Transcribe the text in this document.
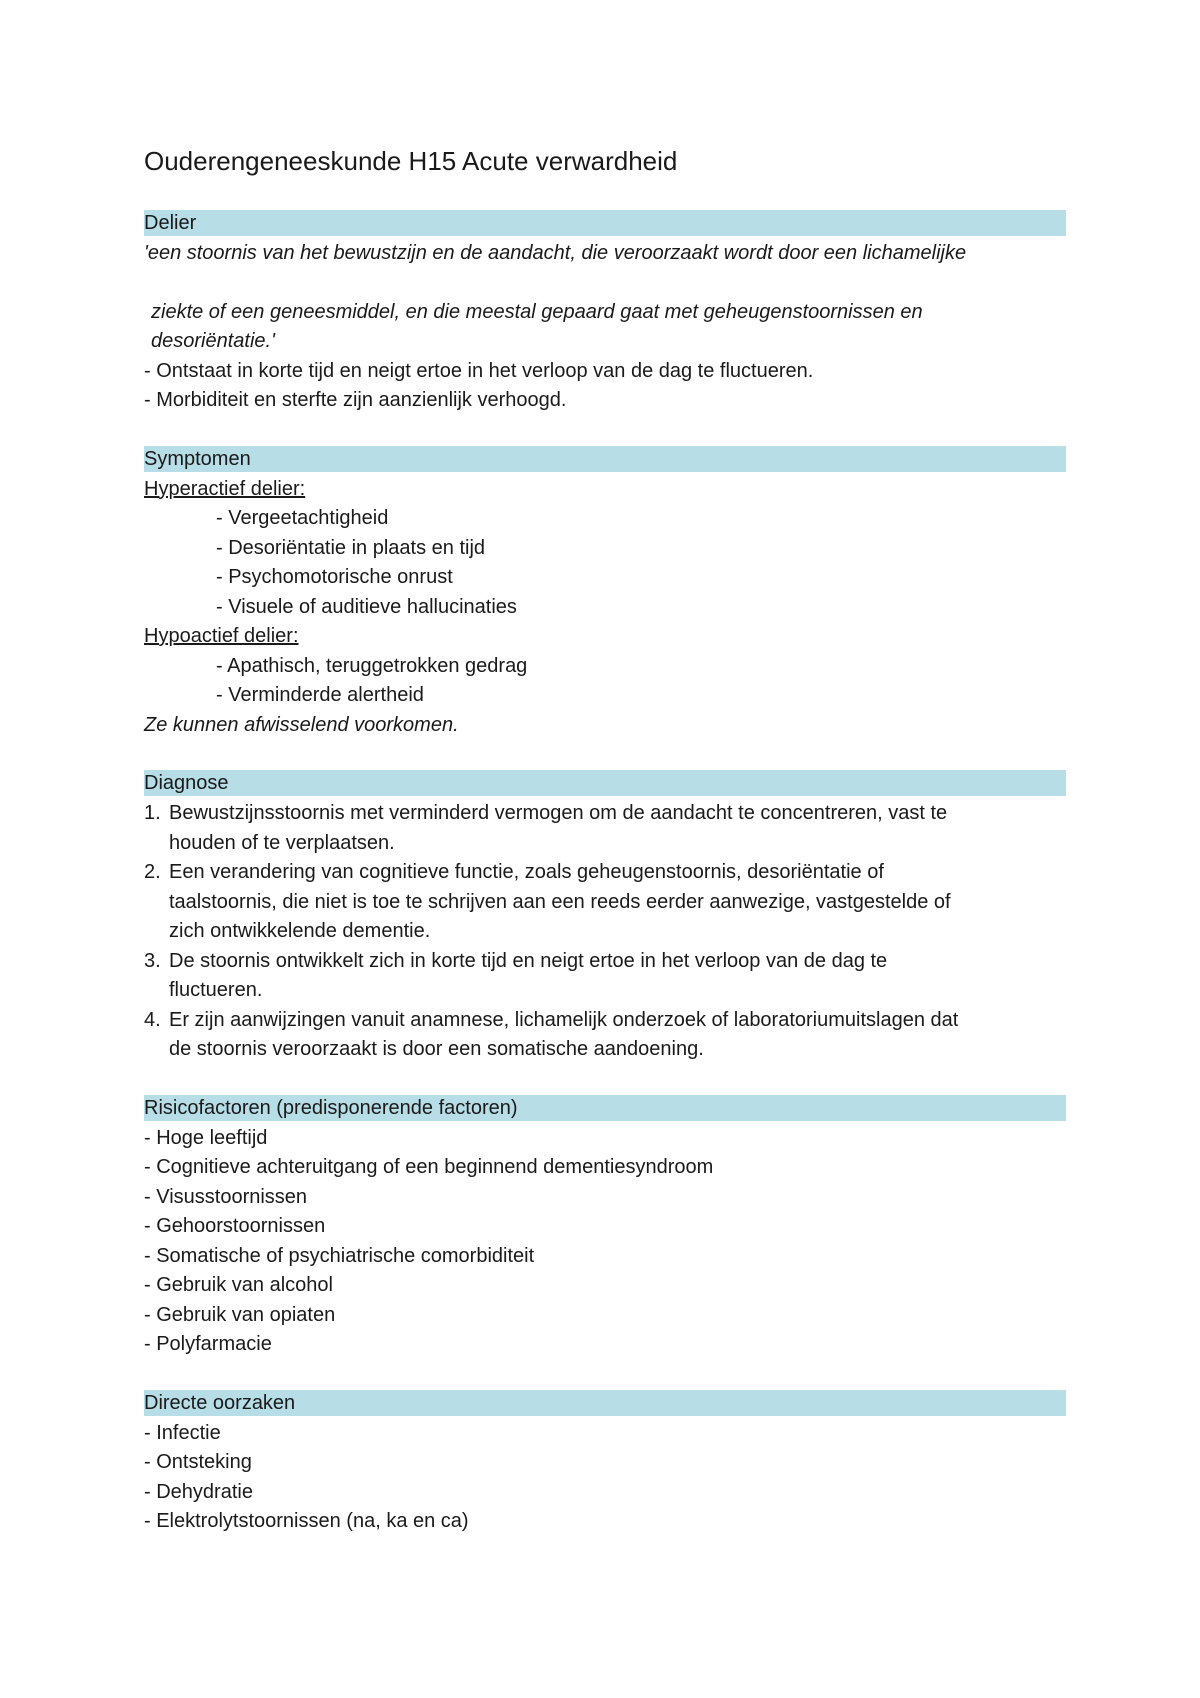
Ouderengeneeskunde H15 Acute verwardheid
Delier
'een stoornis van het bewustzijn en de aandacht, die veroorzaakt wordt door een lichamelijke
ziekte of een geneesmiddel, en die meestal gepaard gaat met geheugenstoornissen en
desoriëntatie.'
- Ontstaat in korte tijd en neigt ertoe in het verloop van de dag te fluctueren.
- Morbiditeit en sterfte zijn aanzienlijk verhoogd.
Symptomen
Hyperactief delier:
- Vergeetachtigheid
- Desoriëntatie in plaats en tijd
- Psychomotorische onrust
- Visuele of auditieve hallucinaties
Hypoactief delier:
- Apathisch, teruggetrokken gedrag
- Verminderde alertheid
Ze kunnen afwisselend voorkomen.
Diagnose
1. Bewustzijnsstoornis met verminderd vermogen om de aandacht te concentreren, vast te
houden of te verplaatsen.
2. Een verandering van cognitieve functie, zoals geheugenstoornis, desoriëntatie of
taalstoornis, die niet is toe te schrijven aan een reeds eerder aanwezige, vastgestelde of
zich ontwikkelende dementie.
3. De stoornis ontwikkelt zich in korte tijd en neigt ertoe in het verloop van de dag te
fluctueren.
4. Er zijn aanwijzingen vanuit anamnese, lichamelijk onderzoek of laboratoriumuitslagen dat
de stoornis veroorzaakt is door een somatische aandoening.
Risicofactoren (predisponerende factoren)
- Hoge leeftijd
- Cognitieve achteruitgang of een beginnend dementiesyndroom
- Visusstoornissen
- Gehoorstoornissen
- Somatische of psychiatrische comorbiditeit
- Gebruik van alcohol
- Gebruik van opiaten
- Polyfarmacie
Directe oorzaken
- Infectie
- Ontsteking
- Dehydratie
- Elektrolytstoornissen (na, ka en ca)
